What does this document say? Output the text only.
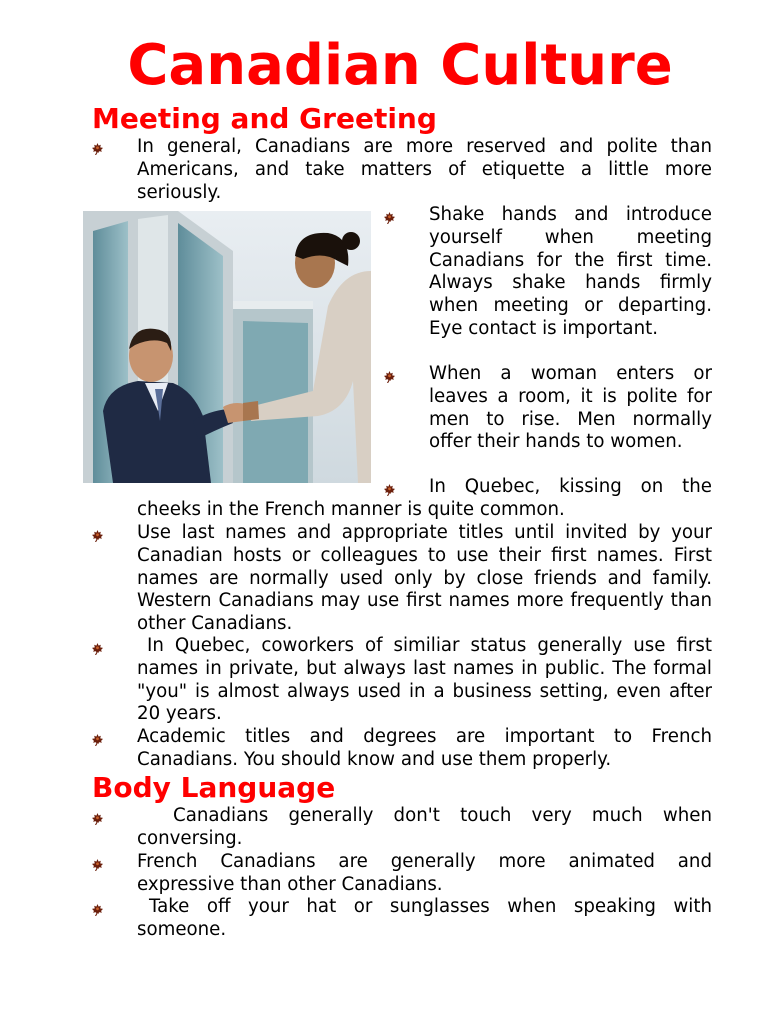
Canadian Culture
Meeting and Greeting

In general, Canadians are more reserved and polite than Americans, and take matters of etiquette a little more seriously.

Shake hands and introduce yourself when meeting Canadians for the first time. Always shake hands firmly when meeting or departing. Eye contact is important.

When a woman enters or leaves a room, it is polite for men to rise. Men normally offer their hands to women.

In Quebec, kissing on the

cheeks in the French manner is quite common.

Use last names and appropriate titles until invited by your Canadian hosts or colleagues to use their first names. First names are normally used only by close friends and family. Western Canadians may use first names more frequently than other Canadians.

In Quebec, coworkers of similiar status generally use first names in private, but always last names in public. The formal "you" is almost always used in a business setting, even after 20 years.

Academic titles and degrees are important to French Canadians. You should know and use them properly.

Body Language

Canadians generally don't touch very much when conversing.

French Canadians are generally more animated and expressive than other Canadians.

Take off your hat or sunglasses when speaking with someone.
